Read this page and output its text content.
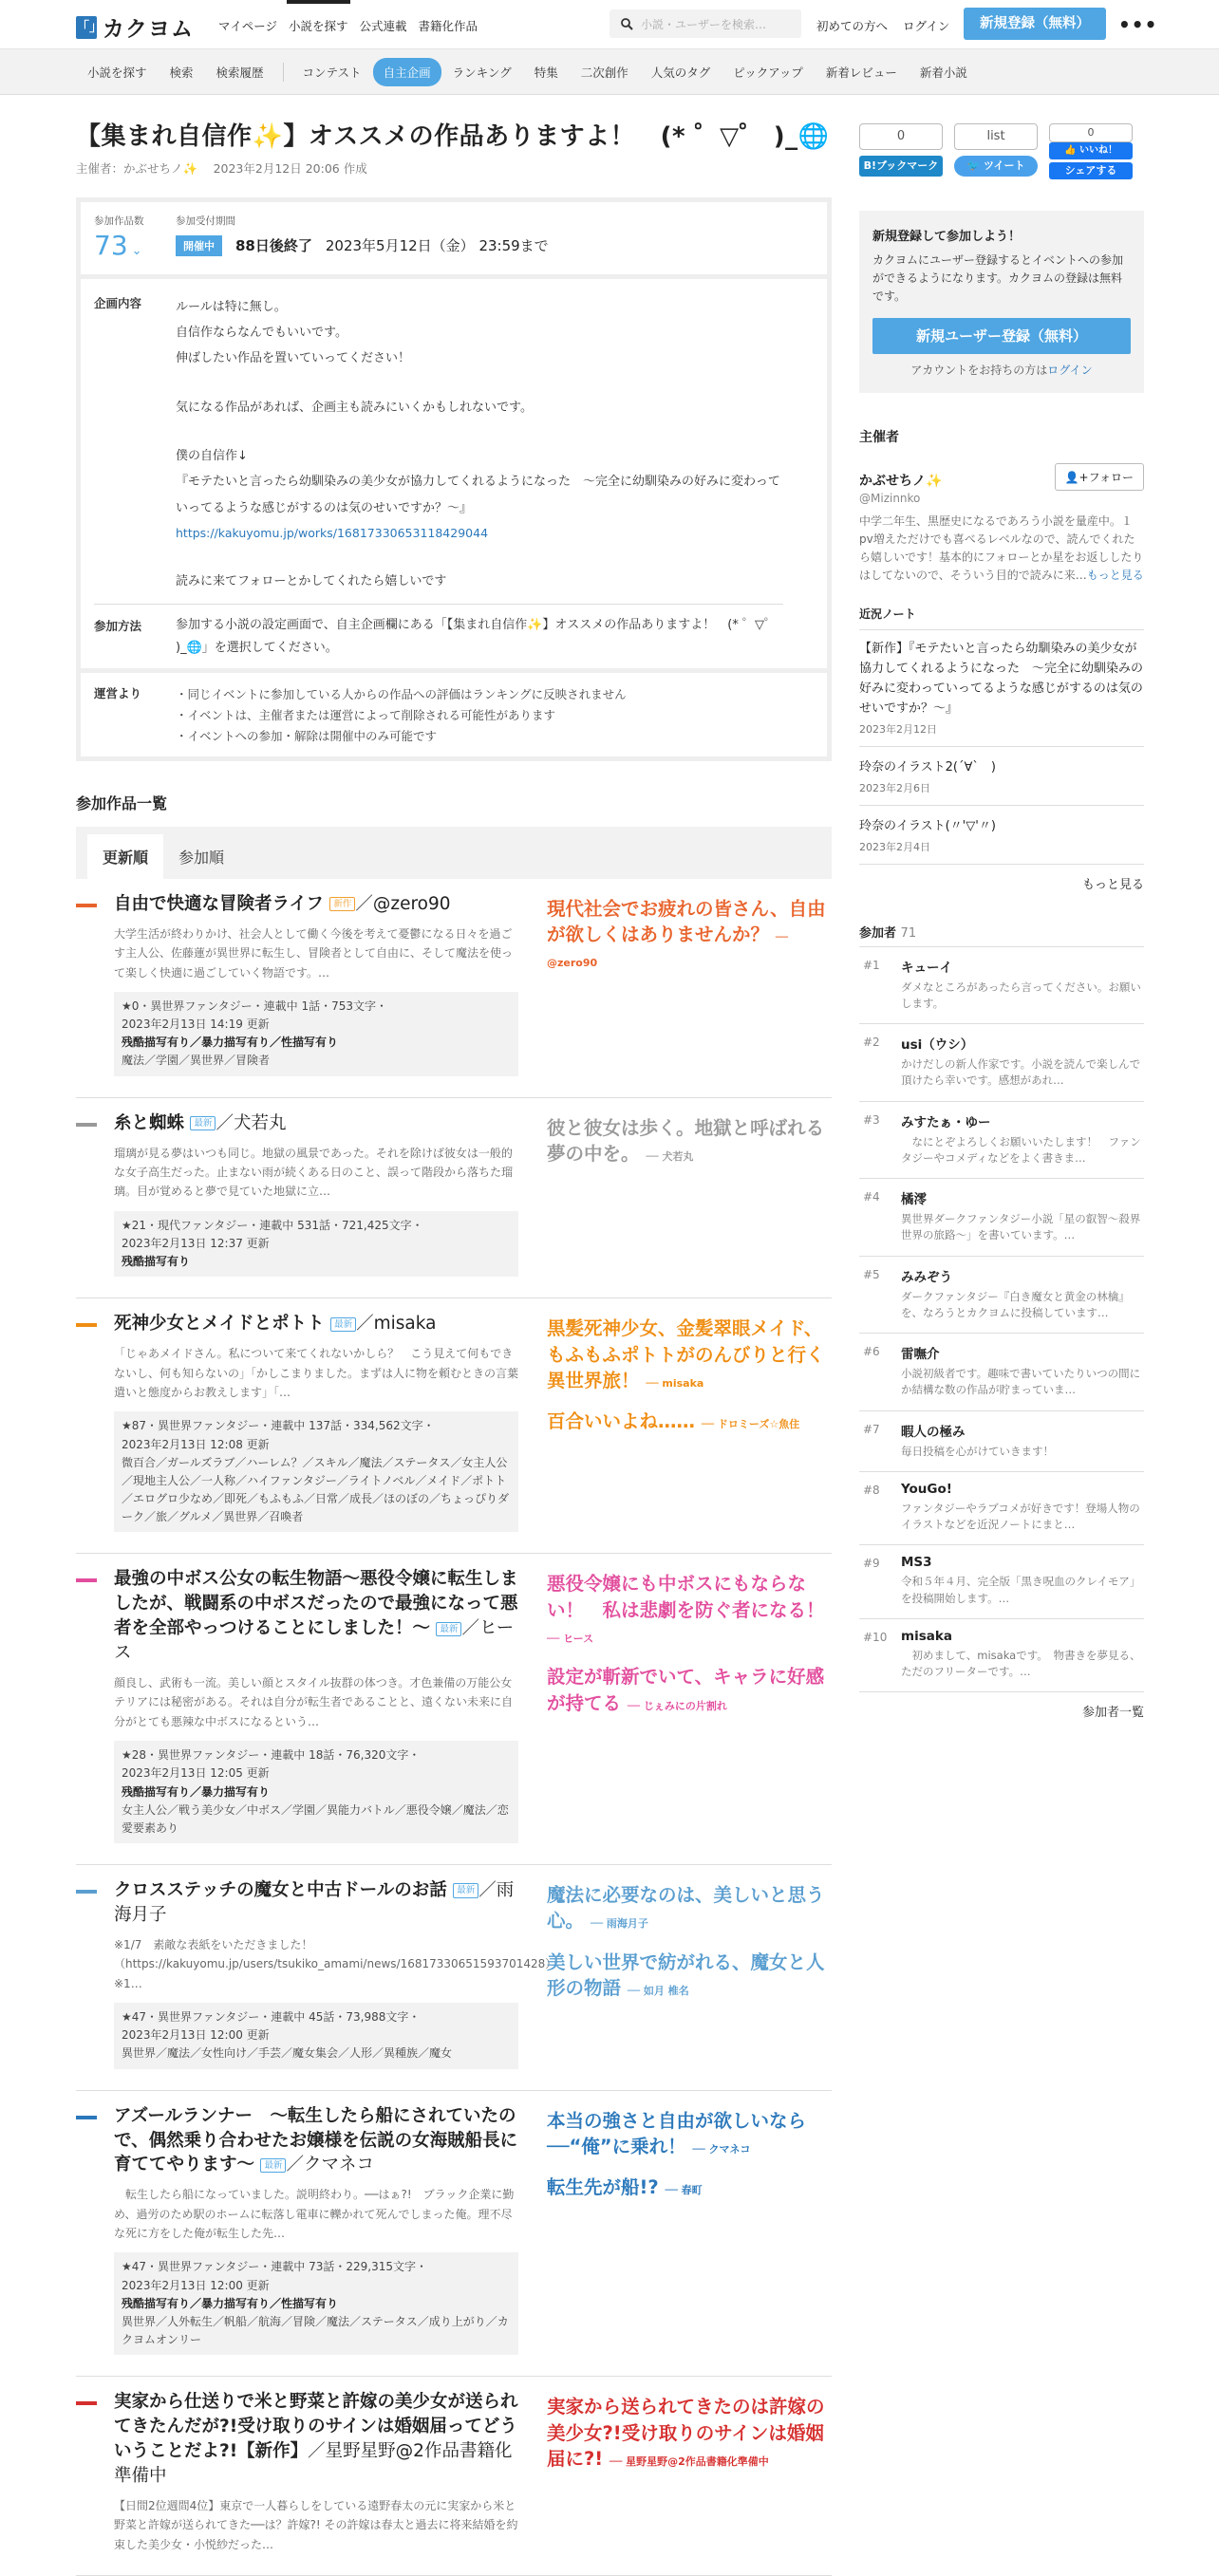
「」 カクヨム マイページ 小説を探す 公式連載 書籍化作品	小説・ユーザーを検索…	初めての方へ ログイン	新規登録（無料）	•••
小説を探す	検索	検索履歴	コンテスト	自主企画	ランキング	特集	二次創作	人気のタグ	ピックアップ	新着レビュー	新着小説
【集まれ自信作✨】オススメの作品ありますよ！　(* ゜▽゜ )_🌐
主催者：かぶせちノ✨　 2023年2月12日 20:06 作成
参加作品数
73 ⌄
参加受付期間
開催中	88日後終了 2023年5月12日（金） 23:59まで
企画内容	ルールは特に無し。
自信作ならなんでもいいです。
伸ばしたい作品を置いていってください！
気になる作品があれば、企画主も読みにいくかもしれないです。
僕の自信作↓
『モテたいと言ったら幼馴染みの美少女が協力してくれるようになった　～完全に幼馴染みの好みに変わっていってるような感じがするのは気のせいですか？～』
https://kakuyomu.jp/works/16817330653118429044
読みに来てフォローとかしてくれたら嬉しいです
参加方法	参加する小説の設定画面で、自主企画欄にある「【集まれ自信作✨】オススメの作品ありますよ！　(* ゜▽゜ )_🌐」を選択してください。
運営より	・同じイベントに参加している人からの作品への評価はランキングに反映されません
・イベントは、主催者または運営によって削除される可能性があります
・イベントへの参加・解除は開催中のみ可能です
参加作品一覧
更新順	参加順
自由で快適な冒険者ライフ 新作 ／@zero90
大学生活が終わりかけ、社会人として働く今後を考えて憂鬱になる日々を過ごす主人公、佐藤蓮が異世界に転生し、冒険者として自由に、そして魔法を使って楽しく快適に過ごしていく物語です。…
★0・異世界ファンタジー・連載中 1話・753文字・
2023年2月13日 14:19 更新
残酷描写有り／暴力描写有り／性描写有り
魔法／学園／異世界／冒険者
現代社会でお疲れの皆さん、自由が欲しくはありませんか？ ── @zero90
糸と蜘蛛 最新 ／犬若丸
瑠璃が見る夢はいつも同じ。地獄の風景であった。それを除けば彼女は一般的な女子高生だった。止まない雨が続くある日のこと、誤って階段から落ちた瑠璃。目が覚めると夢で見ていた地獄に立…
★21・現代ファンタジー・連載中 531話・721,425文字・
2023年2月13日 12:37 更新
残酷描写有り
彼と彼女は歩く。地獄と呼ばれる夢の中を。 ── 犬若丸
死神少女とメイドとポトト 最新 ／misaka
「じゃあメイドさん。私について来てくれないかしら？　こう見えて何もできないし、何も知らないの」「かしこまりました。まずは人に物を頼むときの言葉遣いと態度からお教えします」「…
★87・異世界ファンタジー・連載中 137話・334,562文字・
2023年2月13日 12:08 更新
微百合／ガールズラブ／ハーレム？／スキル／魔法／ステータス／女主人公／現地主人公／一人称／ハイファンタジー／ライトノベル／メイド／ポトト／エログロ少なめ／即死／もふもふ／日常／成長／ほのぼの／ちょっぴりダーク／旅／グルメ／異世界／召喚者
黒髪死神少女、金髪翠眼メイド、もふもふポトトがのんびりと行く異世界旅！ ── misaka
百合いいよね…… ── ドロミーズ☆魚住
最強の中ボス公女の転生物語～悪役令嬢に転生しましたが、戦闘系の中ボスだったので最強になって悪者を全部やっつけることにしました！～ 最新 ／ヒース
顔良し、武術も一流。美しい顔とスタイル抜群の体つき。才色兼備の万能公女テリアには秘密がある。それは自分が転生者であることと、遠くない未来に自分がとても悪辣な中ボスになるという…
★28・異世界ファンタジー・連載中 18話・76,320文字・
2023年2月13日 12:05 更新
残酷描写有り／暴力描写有り
女主人公／戦う美少女／中ボス／学園／異能力バトル／悪役令嬢／魔法／恋愛要素あり
悪役令嬢にも中ボスにもならない！　私は悲劇を防ぐ者になる！ ── ヒース
設定が斬新でいて、キャラに好感が持てる ── じぇみにの片割れ
クロスステッチの魔女と中古ドールのお話 最新 ／雨海月子
※1/7　素敵な表紙をいただきました！（https://kakuyomu.jp/users/tsukiko_amami/news/16817330651593701428）※1…
★47・異世界ファンタジー・連載中 45話・73,988文字・
2023年2月13日 12:00 更新
異世界／魔法／女性向け／手芸／魔女集会／人形／異種族／魔女
魔法に必要なのは、美しいと思う心。 ── 雨海月子
美しい世界で紡がれる、魔女と人形の物語 ── 如月 椎名
アズールランナー　～転生したら船にされていたので、偶然乗り合わせたお嬢様を伝説の女海賊船長に育ててやります～ 最新 ／クマネコ
　転生したら船になっていました。説明終わり。──はぁ?!　ブラック企業に勤め、過労のため駅のホームに転落し電車に轢かれて死んでしまった俺。理不尽な死に方をした俺が転生した先…
★47・異世界ファンタジー・連載中 73話・229,315文字・
2023年2月13日 12:00 更新
残酷描写有り／暴力描写有り／性描写有り
異世界／人外転生／帆船／航海／冒険／魔法／ステータス／成り上がり／カクヨムオンリー
本当の強さと自由が欲しいなら──“俺”に乗れ！ ── クマネコ
転生先が船!? ── 春町
実家から仕送りで米と野菜と許嫁の美少女が送られてきたんだが?!受け取りのサインは婚姻届ってどういうことだよ?!【新作】／星野星野@2作品書籍化準備中
【日間2位週間4位】東京で一人暮らしをしている遠野春太の元に実家から米と野菜と許嫁が送られてきた──は？許嫁?! その許嫁は春太と過去に将来結婚を約束した美少女・小悦紗だった…
実家から送られてきたのは許嫁の美少女?!受け取りのサインは婚姻届に?! ── 星野星野@2作品書籍化準備中
0
B!ブックマーク
list
🐦 ツイート
0
👍 いいね！
シェアする
新規登録して参加しよう！
カクヨムにユーザー登録するとイベントへの参加ができるようになります。カクヨムの登録は無料です。
新規ユーザー登録（無料）
アカウントをお持ちの方はログイン
主催者
かぶせちノ✨
@Mizinnko
👤+フォロー
中学二年生、黒歴史になるであろう小説を量産中。１pv増えただけでも喜べるレベルなので、読んでくれたら嬉しいです！基本的にフォローとか星をお返ししたりはしてないので、そういう目的で読みに来…もっと見る
近況ノート
【新作】『モテたいと言ったら幼馴染みの美少女が協力してくれるようになった　～完全に幼馴染みの好みに変わっていってるような感じがするのは気のせいですか？～』
2023年2月12日
玲奈のイラスト2(ˊ∀ˋ　)
2023年2月6日
玲奈のイラスト(〃'▽'〃)
2023年2月4日
もっと見る
参加者 71
#1 キューイ
ダメなところがあったら言ってください。お願いします。
#2 usi（ウシ）
かけだしの新人作家です。小説を読んで楽しんで頂けたら幸いです。感想があれ…
#3 みすたぁ・ゆー
　なにとぞよろしくお願いいたします！　ファンタジーやコメディなどをよく書きま…
#4 橘澪
異世界ダークファンタジー小説「星の叡智〜殺界世界の旅路〜」を書いています。…
#5 みみぞう
ダークファンタジー『白き魔女と黄金の林檎』を、なろうとカクヨムに投稿しています…
#6 雷嘸介
小説初級者です。趣味で書いていたりいつの間にか結構な数の作品が貯まっていま…
#7 暇人の極み
毎日投稿を心がけていきます！
#8 YouGo!
ファンタジーやラブコメが好きです！登場人物のイラストなどを近況ノートにまと…
#9 MS3
令和５年４月、完全版「黒き呪血のクレイモア」を投稿開始します。…
#10 misaka
　初めまして、misakaです。　物書きを夢見る、ただのフリーターです。…
参加者一覧
